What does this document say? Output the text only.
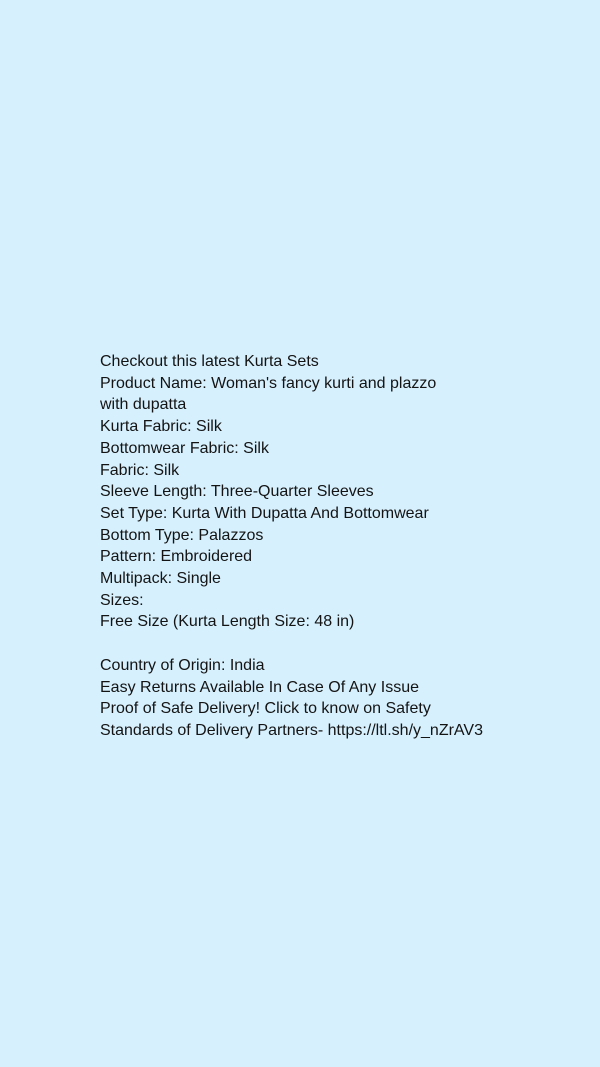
Checkout this latest Kurta Sets
Product Name: Woman's fancy kurti and plazzo
with dupatta
Kurta Fabric: Silk
Bottomwear Fabric: Silk
Fabric: Silk
Sleeve Length: Three-Quarter Sleeves
Set Type: Kurta With Dupatta And Bottomwear
Bottom Type: Palazzos
Pattern: Embroidered
Multipack: Single
Sizes:
Free Size (Kurta Length Size: 48 in)
Country of Origin: India
Easy Returns Available In Case Of Any Issue
Proof of Safe Delivery! Click to know on Safety
Standards of Delivery Partners- https://ltl.sh/y_nZrAV3
